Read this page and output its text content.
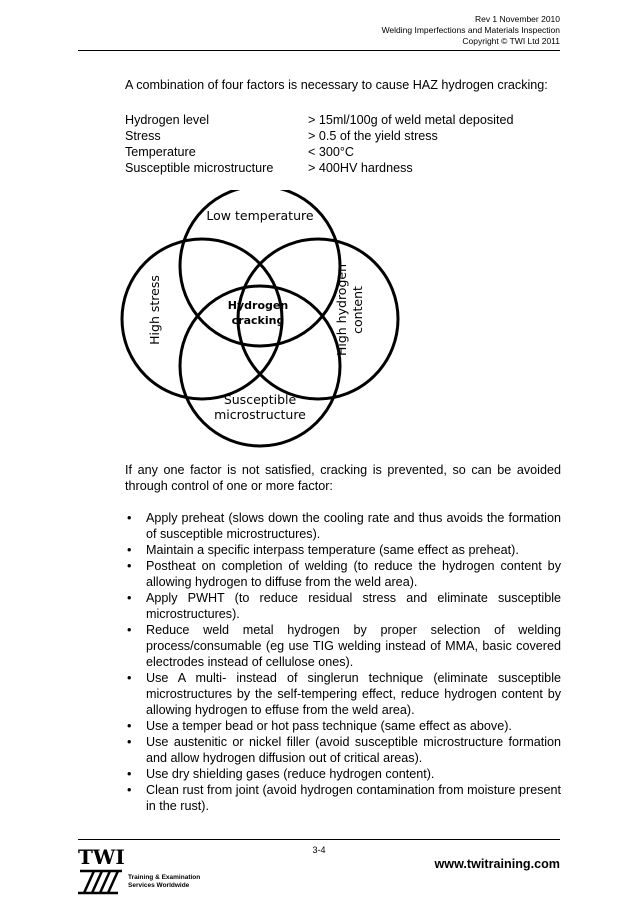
Rev 1 November 2010
Welding Imperfections and Materials Inspection
Copyright © TWI Ltd 2011
A combination of four factors is necessary to cause HAZ hydrogen cracking:
Hydrogen level	> 15ml/100g of weld metal deposited
Stress	> 0.5 of the yield stress
Temperature	< 300°C
Susceptible microstructure	> 400HV hardness
Low temperature
High stress	High hydrogen content
Susceptible
microstructure
Hydrogen
cracking
If any one factor is not satisfied, cracking is prevented, so can be avoided through control of one or more factor:
• Apply preheat (slows down the cooling rate and thus avoids the formation of susceptible microstructures).
• Maintain a specific interpass temperature (same effect as preheat).
• Postheat on completion of welding (to reduce the hydrogen content by allowing hydrogen to diffuse from the weld area).
• Apply PWHT (to reduce residual stress and eliminate susceptible microstructures).
• Reduce weld metal hydrogen by proper selection of welding process/consumable (eg use TIG welding instead of MMA, basic covered electrodes instead of cellulose ones).
• Use A multi- instead of singlerun technique (eliminate susceptible microstructures by the self-tempering effect, reduce hydrogen content by allowing hydrogen to effuse from the weld area).
• Use a temper bead or hot pass technique (same effect as above).
• Use austenitic or nickel filler (avoid susceptible microstructure formation and allow hydrogen diffusion out of critical areas).
• Use dry shielding gases (reduce hydrogen content).
• Clean rust from joint (avoid hydrogen contamination from moisture present in the rust).
TWI
Training & Examination
Services Worldwide
3-4
www.twitraining.com
